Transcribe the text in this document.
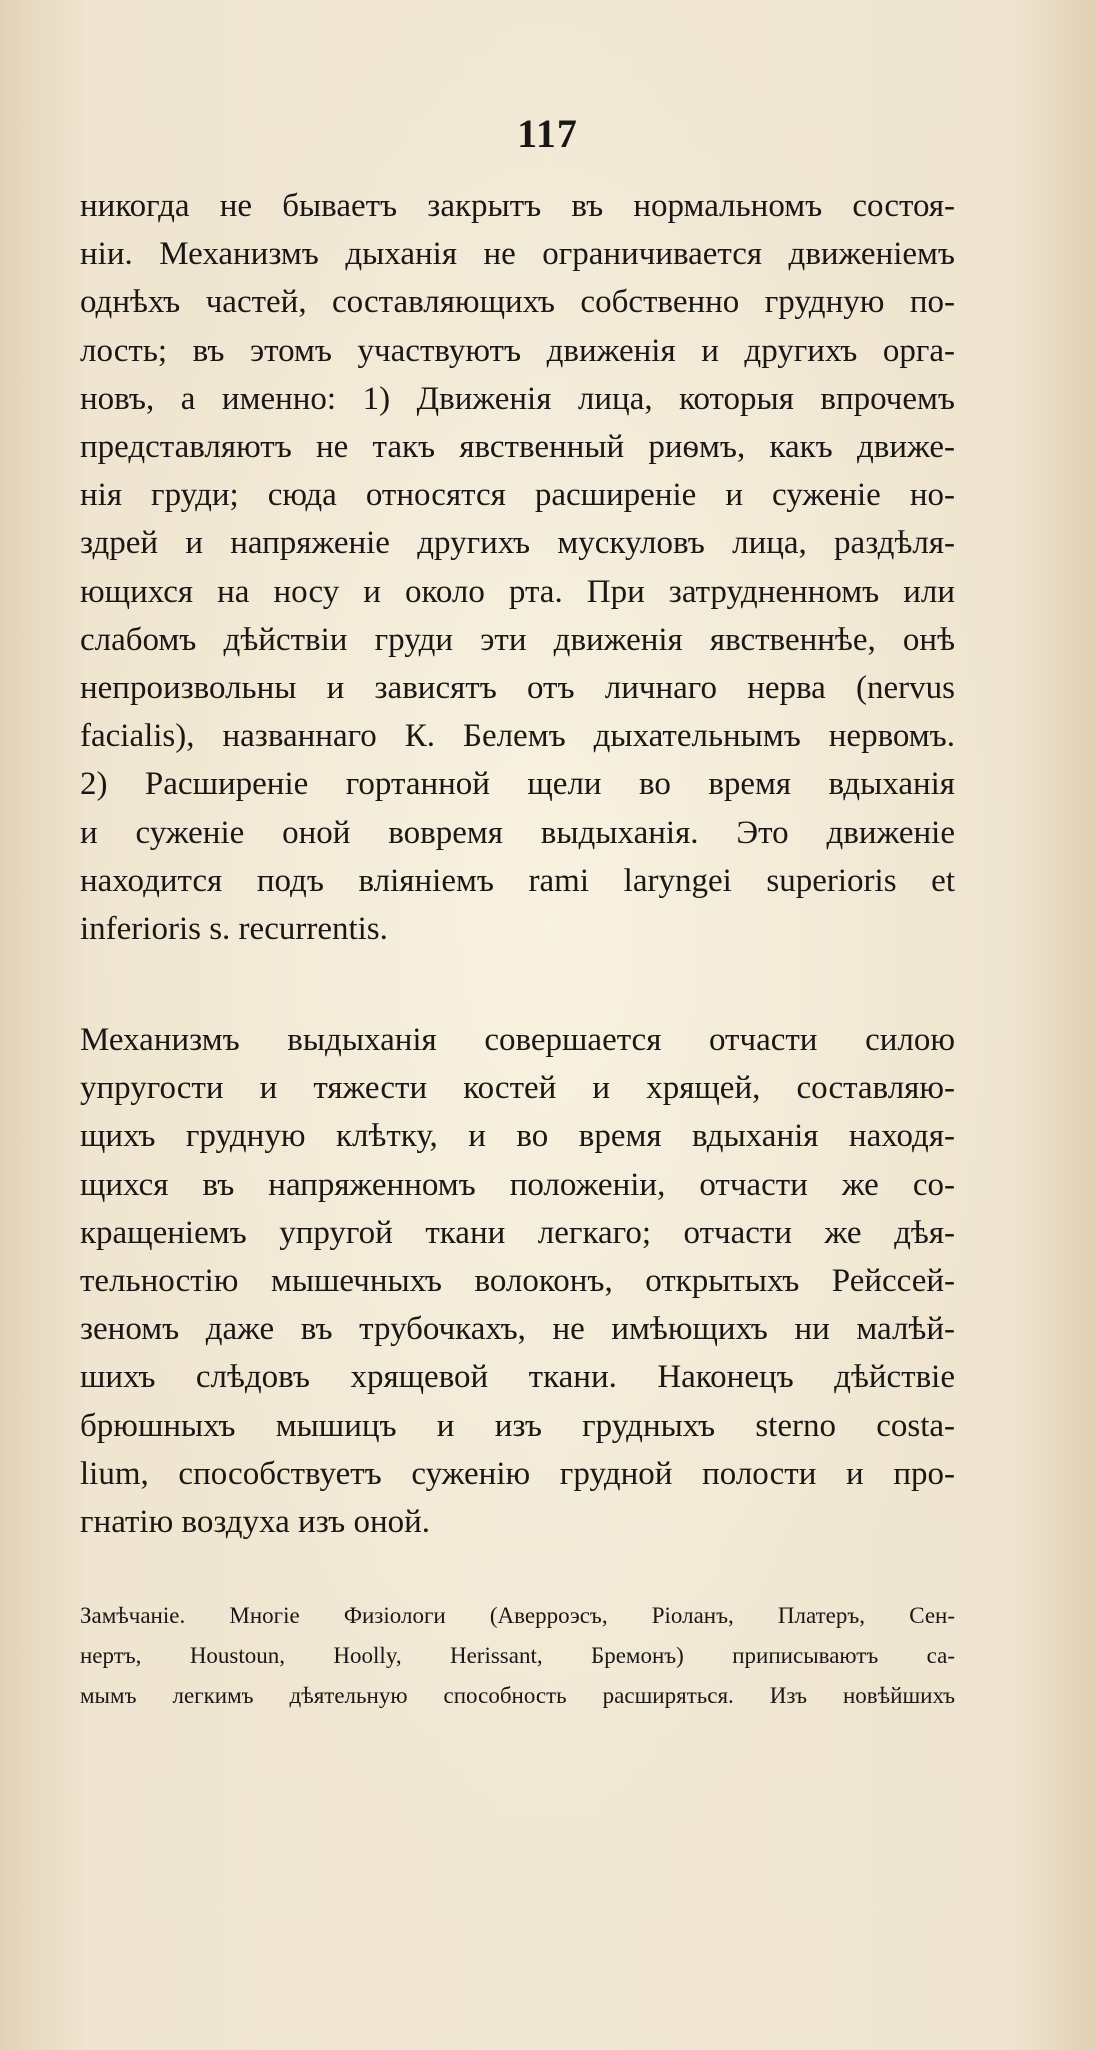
117
никогда не бываетъ закрытъ въ нормальномъ состоя-
ніи. Механизмъ дыханія не ограничивается движеніемъ
однѣхъ частей, составляющихъ собственно грудную по-
лость; въ этомъ участвуютъ движенія и другихъ орга-
новъ, а именно: 1) Движенія лица, которыя впрочемъ
представляютъ не такъ явственный риѳмъ, какъ движе-
нія груди; сюда относятся расширеніе и суженіе но-
здрей и напряженіе другихъ мускуловъ лица, раздѣля-
ющихся на носу и около рта. При затрудненномъ или
слабомъ дѣйствіи груди эти движенія явственнѣе, онѣ
непроизвольны и зависятъ отъ личнаго нерва (nervus
facialis), названнаго К. Белемъ дыхательнымъ нервомъ.
2) Расширеніе гортанной щели во время вдыханія
и суженіе оной вовремя выдыханія. Это движеніе
находится подъ вліяніемъ rami laryngei superioris et
inferioris s. recurrentis.
Механизмъ выдыханія совершается отчасти силою
упругости и тяжести костей и хрящей, составляю-
щихъ грудную клѣтку, и во время вдыханія находя-
щихся въ напряженномъ положеніи, отчасти же со-
кращеніемъ упругой ткани легкаго; отчасти же дѣя-
тельностію мышечныхъ волоконъ, открытыхъ Рейссей-
зеномъ даже въ трубочкахъ, не имѣющихъ ни малѣй-
шихъ слѣдовъ хрящевой ткани. Наконецъ дѣйствіе
брюшныхъ мышицъ и изъ грудныхъ sterno costa-
lium, способствуетъ суженію грудной полости и про-
гнатію воздуха изъ оной.
Замѣчаніе. Многіе Физіологи (Аверроэсъ, Ріоланъ, Платеръ, Сен-
нертъ, Houstoun, Hoolly, Herissant, Бремонъ) приписываютъ са-
мымъ легкимъ дѣятельную способность расширяться. Изъ новѣйшихъ
